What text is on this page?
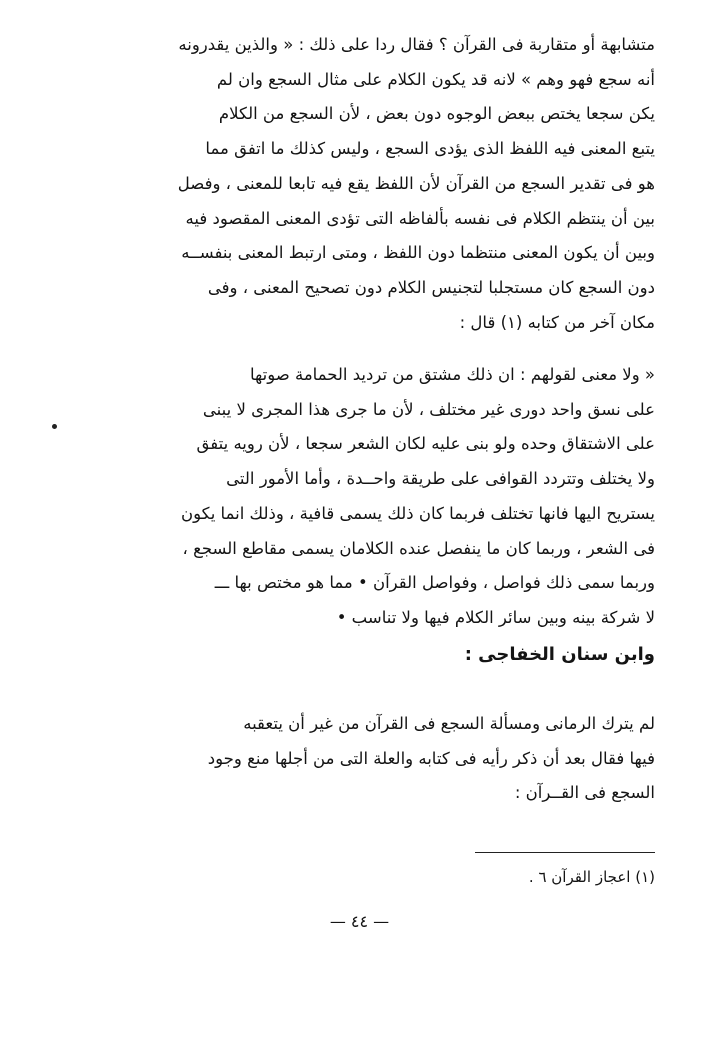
متشابهة أو متقاربة فى القرآن ؟ فقال ردا على ذلك : « والذين يقدرونه
أنه سجع فهو وهم » لانه قد يكون الكلام على مثال السجع وان لم
يكن سجعا يختص ببعض الوجوه دون بعض ، لأن السجع من الكلام
يتبع المعنى فيه اللفظ الذى يؤدى السجع ، وليس كذلك ما اتفق مما
هو فى تقدير السجع من القرآن لأن اللفظ يقع فيه تابعا للمعنى ، وفصل
بين أن ينتظم الكلام فى نفسه بألفاظه التى تؤدى المعنى المقصود فيه
وبين أن يكون المعنى منتظما دون اللفظ ، ومتى ارتبط المعنى بنفســه
دون السجع كان مستجلبا لتجنيس الكلام دون تصحيح المعنى ، وفى
مكان آخر من كتابه (١) قال :
« ولا معنى لقولهم : ان ذلك مشتق من ترديد الحمامة صوتها
على نسق واحد دورى غير مختلف ، لأن ما جرى هذا المجرى لا يبنى
على الاشتقاق وحده ولو بنى عليه لكان الشعر سجعا ، لأن رويه يتفق
ولا يختلف وتتردد القوافى على طريقة واحــدة ، وأما الأمور التى
يستريح اليها فانها تختلف فربما كان ذلك يسمى قافية ، وذلك انما يكون
فى الشعر ، وربما كان ما ينفصل عنده الكلامان يسمى مقاطع السجع ،
وربما سمى ذلك فواصل ، وفواصل القرآن • مما هو مختص بها ـــ
لا شركة بينه وبين سائر الكلام فيها ولا تناسب •
وابن سنان الخفاجى :
لم يترك الرمانى ومسألة السجع فى القرآن من غير أن يتعقبه
فيها فقال بعد أن ذكر رأيه فى كتابه والعلة التى من أجلها منع وجود
السجع فى القــرآن :
(١) اعجاز القرآن ٦ .
— ٤٤ —
